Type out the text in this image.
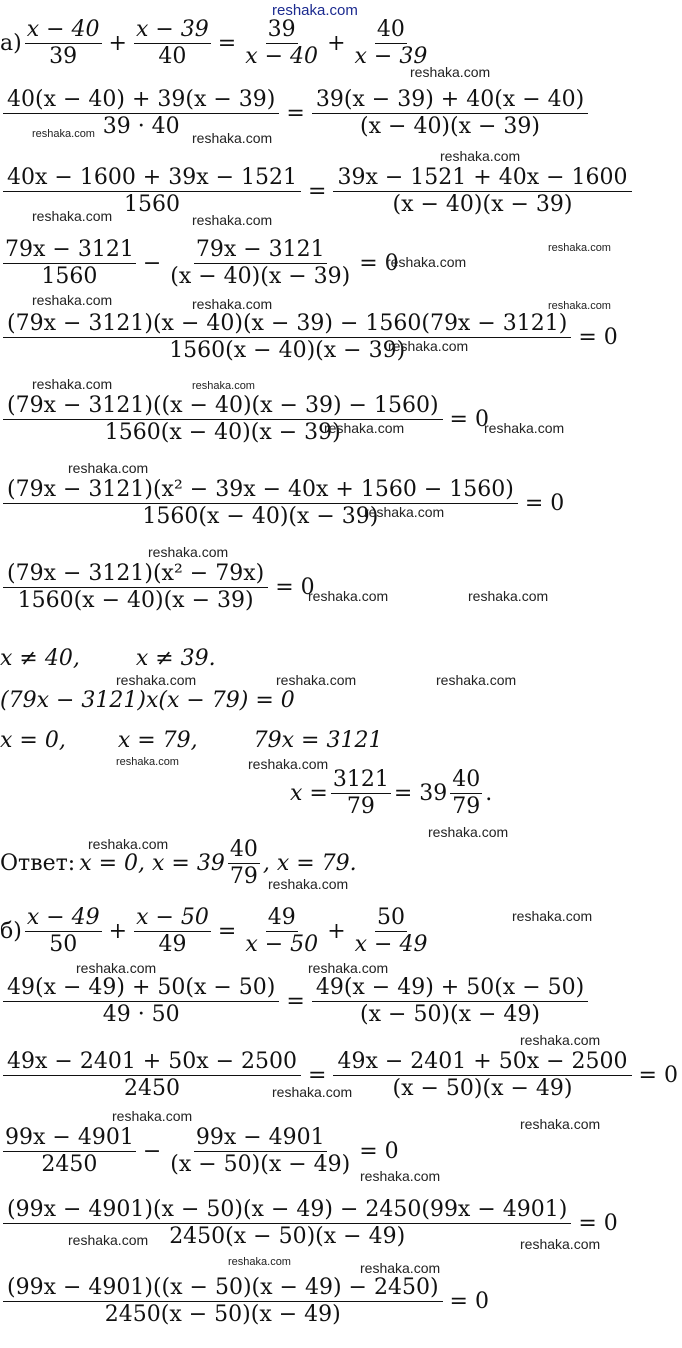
reshaka.com
$а) \frac{x - 40}{39} + \frac{x - 39}{40} = \frac{39}{x - 40} + \frac{40}{x - 39}$
reshaka.com
$\frac{40(x - 40) + 39(x - 39)}{39 \cdot 40} = \frac{39(x - 39) + 40(x - 40)}{(x - 40)(x - 39)}$
reshaka.com	reshaka.com
reshaka.com
$\frac{40x - 1600 + 39x - 1521}{1560} = \frac{39x - 1521 + 40x - 1600}{(x - 40)(x - 39)}$
reshaka.com	reshaka.com
reshaka.com
$\frac{79x - 3121}{1560} - \frac{79x - 3121}{(x - 40)(x - 39)} = 0$
reshaka.com
reshaka.com	reshaka.com	reshaka.com
$\frac{(79x - 3121)(x - 40)(x - 39) - 1560(79x - 3121)}{1560(x - 40)(x - 39)} = 0$
reshaka.com
reshaka.com	reshaka.com
$\frac{(79x - 3121)((x - 40)(x - 39) - 1560)}{1560(x - 40)(x - 39)} = 0$
reshaka.com	reshaka.com
reshaka.com
$\frac{\text{(79x − 3121)(x² − 39x − 40x + 1560 − 1560)}}{1560(x - 40)(x - 39)} = 0$
reshaka.com
reshaka.com
$\frac{\text{(79x − 3121)(x² − 79x)}}{1560(x - 40)(x - 39)} = 0$
reshaka.com	reshaka.com
x ≠ 40,	x ≠ 39.
reshaka.com	reshaka.com	reshaka.com
(79x − 3121)x(x − 79) = 0
x = 0, x = 79,	79x = 3121
reshaka.com	reshaka.com
$x = \frac{3121}{79} = 39 \frac{40}{79}$ .
reshaka.com
reshaka.com
Ответ: x = 0, $x = 39 \frac{40}{79}$ , x = 79.
reshaka.com
$б) \frac{x - 49}{50} + \frac{x - 50}{49} = \frac{49}{x - 50} + \frac{50}{x - 49}$	reshaka.com
reshaka.com	reshaka.com
$\frac{49(x - 49) + 50(x - 50)}{49 \cdot 50} = \frac{49(x - 49) + 50(x - 50)}{(x - 50)(x - 49)}$
reshaka.com
$\frac{49x - 2401 + 50x - 2500}{2450} = \frac{49x - 2401 + 50x - 2500}{(x - 50)(x - 49)} = 0$
reshaka.com
reshaka.com	reshaka.com
$\frac{99x - 4901}{2450} - \frac{99x - 4901}{(x - 50)(x - 49)} = 0$
reshaka.com
$\frac{(99x - 4901)(x - 50)(x - 49) - 2450(99x - 4901)}{2450(x - 50)(x - 49)} = 0$
reshaka.com	reshaka.com
reshaka.com	reshaka.com
$\frac{(99x - 4901)((x - 50)(x - 49) - 2450)}{2450(x - 50)(x - 49)} = 0$
